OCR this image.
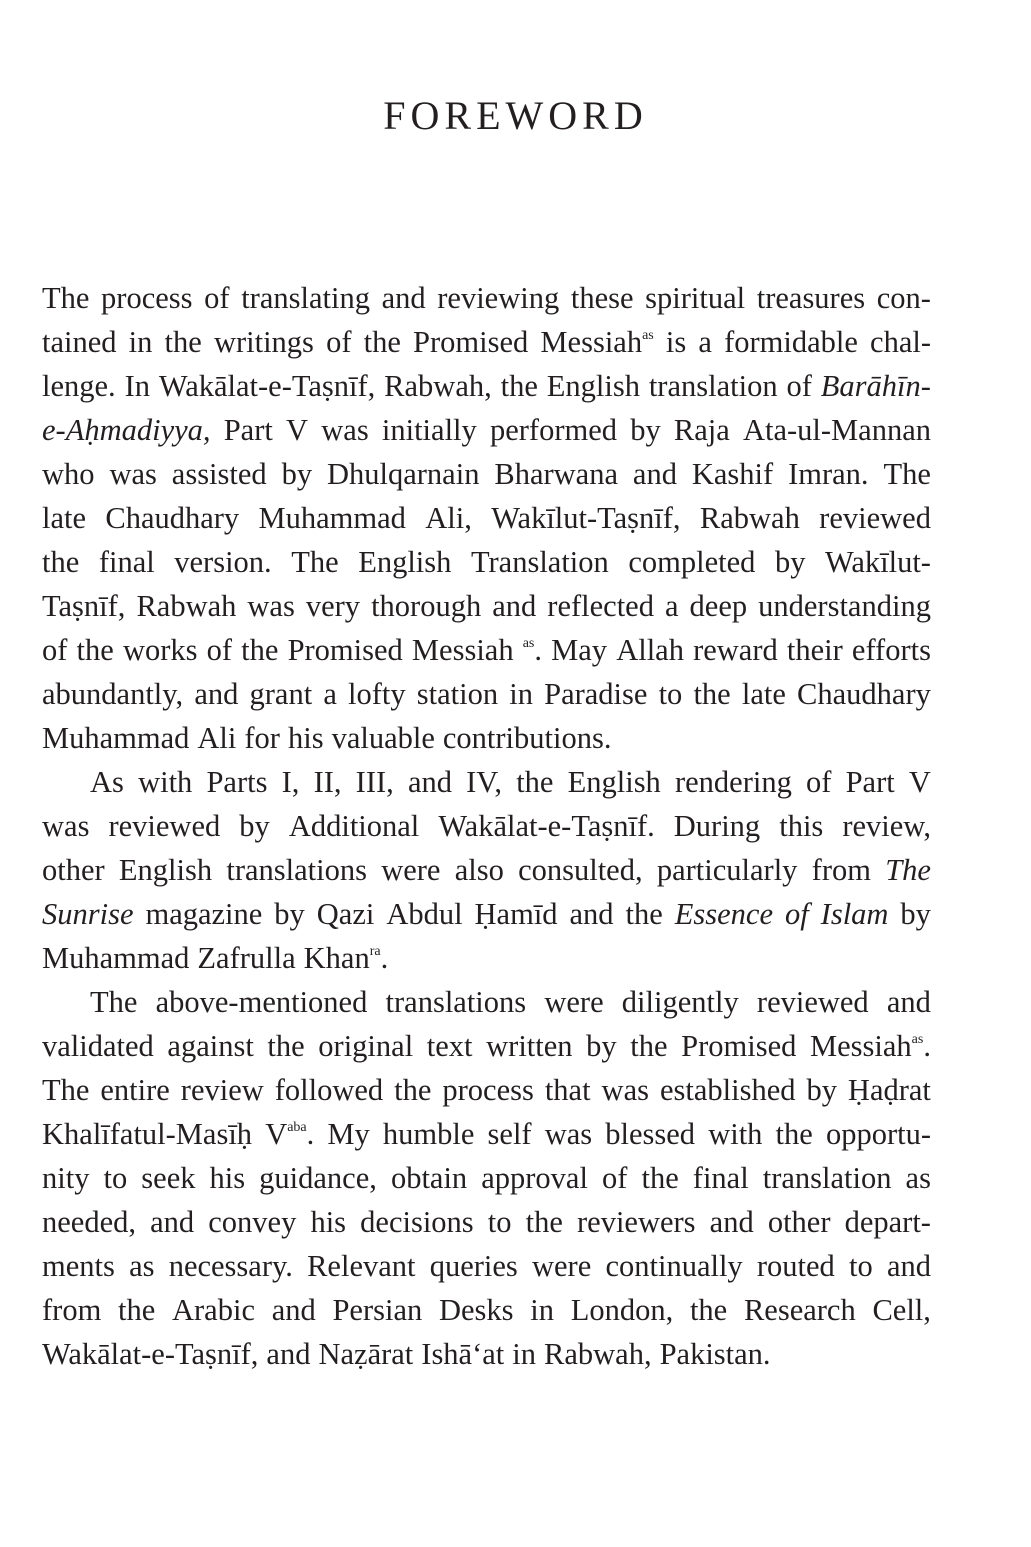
FOREWORD
The process of translating and reviewing these spiritual treasures con-
tained in the writings of the Promised Messiah$^{as}$ is a formidable chal-
lenge. In Wakālat-e-Taṣnīf, Rabwah, the English translation of Barāhīn-
e-Aḥmadiyya, Part V was initially performed by Raja Ata-ul-Mannan
who was assisted by Dhulqarnain Bharwana and Kashif Imran. The
late Chaudhary Muhammad Ali, Wakīlut-Taṣnīf, Rabwah reviewed
the final version. The English Translation completed by Wakīlut-
Taṣnīf, Rabwah was very thorough and reflected a deep understanding
of the works of the Promised Messiah $^{as}$. May Allah reward their efforts
abundantly, and grant a lofty station in Paradise to the late Chaudhary
Muhammad Ali for his valuable contributions.
As with Parts I, II, III, and IV, the English rendering of Part V
was reviewed by Additional Wakālat-e-Taṣnīf. During this review,
other English translations were also consulted, particularly from The
Sunrise magazine by Qazi Abdul Ḥamīd and the Essence of Islam by
Muhammad Zafrulla Khan$^{ra}$.
The above-mentioned translations were diligently reviewed and
validated against the original text written by the Promised Messiah$^{as}$.
The entire review followed the process that was established by Ḥaḍrat
Khalīfatul-Masīḥ $V^{aba}$. My humble self was blessed with the opportu-
nity to seek his guidance, obtain approval of the final translation as
needed, and convey his decisions to the reviewers and other depart-
ments as necessary. Relevant queries were continually routed to and
from the Arabic and Persian Desks in London, the Research Cell,
Wakālat-e-Taṣnīf, and Naẓārat Ishā‘at in Rabwah, Pakistan.
